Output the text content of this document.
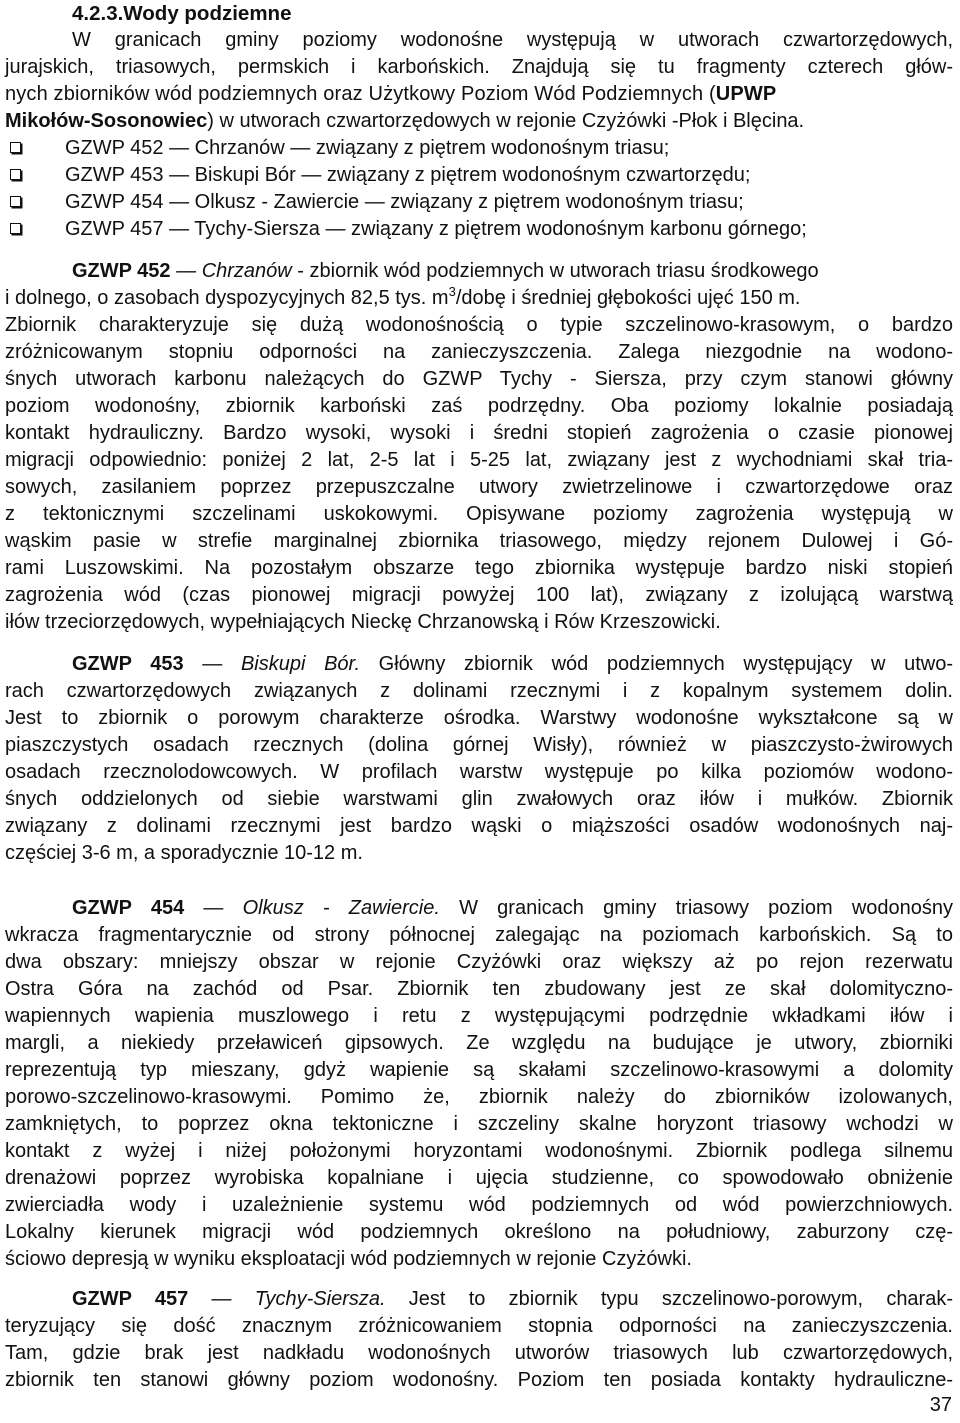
4.2.3.Wody podziemne
W granicach gminy poziomy wodonośne występują w utworach czwartorzędowych,
jurajskich, triasowych, permskich i karbońskich. Znajdują się tu fragmenty czterech głów-
nych zbiorników wód podziemnych oraz Użytkowy Poziom Wód Podziemnych (UPWP
Mikołów-Sosonowiec) w utworach czwartorzędowych w rejonie Czyżówki -Płok i Blęcina.
GZWP 452 — Chrzanów — związany z piętrem wodonośnym triasu;
GZWP 453 — Biskupi Bór — związany z piętrem wodonośnym czwartorzędu;
GZWP 454 — Olkusz - Zawiercie — związany z piętrem wodonośnym triasu;
GZWP 457 — Tychy-Siersza — związany z piętrem wodonośnym karbonu górnego;
GZWP 452 — Chrzanów - zbiornik wód podziemnych w utworach triasu środkowego
i dolnego, o zasobach dyspozycyjnych 82,5 tys. $m^3$/dobę i średniej głębokości ujęć 150 m.
Zbiornik charakteryzuje się dużą wodonośnością o typie szczelinowo-krasowym, o bardzo
zróżnicowanym stopniu odporności na zanieczyszczenia. Zalega niezgodnie na wodono-
śnych utworach karbonu należących do GZWP Tychy - Siersza, przy czym stanowi główny
poziom wodonośny, zbiornik karboński zaś podrzędny. Oba poziomy lokalnie posiadają
kontakt hydrauliczny. Bardzo wysoki, wysoki i średni stopień zagrożenia o czasie pionowej
migracji odpowiednio: poniżej 2 lat, 2-5 lat i 5-25 lat, związany jest z wychodniami skał tria-
sowych, zasilaniem poprzez przepuszczalne utwory zwietrzelinowe i czwartorzędowe oraz
z tektonicznymi szczelinami uskokowymi. Opisywane poziomy zagrożenia występują w
wąskim pasie w strefie marginalnej zbiornika triasowego, między rejonem Dulowej i Gó-
rami Luszowskimi. Na pozostałym obszarze tego zbiornika występuje bardzo niski stopień
zagrożenia wód (czas pionowej migracji powyżej 100 lat), związany z izolującą warstwą
iłów trzeciorzędowych, wypełniających Nieckę Chrzanowską i Rów Krzeszowicki.
GZWP 453 — Biskupi Bór. Główny zbiornik wód podziemnych występujący w utwo-
rach czwartorzędowych związanych z dolinami rzecznymi i z kopalnym systemem dolin.
Jest to zbiornik o porowym charakterze ośrodka. Warstwy wodonośne wykształcone są w
piaszczystych osadach rzecznych (dolina górnej Wisły), również w piaszczysto-żwirowych
osadach rzecznolodowcowych. W profilach warstw występuje po kilka poziomów wodono-
śnych oddzielonych od siebie warstwami glin zwałowych oraz iłów i mułków. Zbiornik
związany z dolinami rzecznymi jest bardzo wąski o miąższości osadów wodonośnych naj-
częściej 3-6 m, a sporadycznie 10-12 m.
GZWP 454 — Olkusz - Zawiercie. W granicach gminy triasowy poziom wodonośny
wkracza fragmentarycznie od strony północnej zalegając na poziomach karbońskich. Są to
dwa obszary: mniejszy obszar w rejonie Czyżówki oraz większy aż po rejon rezerwatu
Ostra Góra na zachód od Psar. Zbiornik ten zbudowany jest ze skał dolomityczno-
wapiennych wapienia muszlowego i retu z występującymi podrzędnie wkładkami iłów i
margli, a niekiedy przeławiceń gipsowych. Ze względu na budujące je utwory, zbiorniki
reprezentują typ mieszany, gdyż wapienie są skałami szczelinowo-krasowymi a dolomity
porowo-szczelinowo-krasowymi. Pomimo że, zbiornik należy do zbiorników izolowanych,
zamkniętych, to poprzez okna tektoniczne i szczeliny skalne horyzont triasowy wchodzi w
kontakt z wyżej i niżej położonymi horyzontami wodonośnymi. Zbiornik podlega silnemu
drenażowi poprzez wyrobiska kopalniane i ujęcia studzienne, co spowodowało obniżenie
zwierciadła wody i uzależnienie systemu wód podziemnych od wód powierzchniowych.
Lokalny kierunek migracji wód podziemnych określono na południowy, zaburzony czę-
ściowo depresją w wyniku eksploatacji wód podziemnych w rejonie Czyżówki.
GZWP 457 — Tychy-Siersza. Jest to zbiornik typu szczelinowo-porowym, charak-
teryzujący się dość znacznym zróżnicowaniem stopnia odporności na zanieczyszczenia.
Tam, gdzie brak jest nadkładu wodonośnych utworów triasowych lub czwartorzędowych,
zbiornik ten stanowi główny poziom wodonośny. Poziom ten posiada kontakty hydrauliczne-
37
